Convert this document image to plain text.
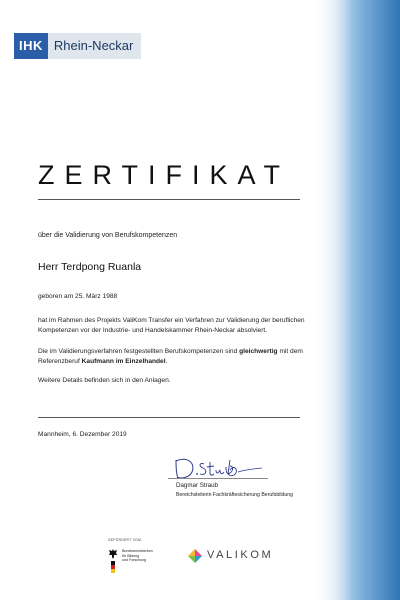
IHK Rhein-Neckar
ZERTIFIKAT

über die Validierung von Berufskompetenzen

Herr Terdpong Ruanla

geboren am 25. März 1988

hat im Rahmen des Projekts ValiKom Transfer ein Verfahren zur Validierung der beruflichen

Kompetenzen vor der Industrie- und Handelskammer Rhein-Neckar absolviert.

Die im Validierungsverfahren festgestellten Berufskompetenzen sind gleichwertig mit dem

Referenzberuf Kaufmann im Einzelhandel.

Weitere Details befinden sich in den Anlagen.

Mannheim, 6. Dezember 2019

Dagmar Straub

Bereichsleiterin Fachkräftesicherung Berufsbildung

GEFÖRDERT VOM
Bundesministerium
für Bildung
und Forschung	VALIKOM
